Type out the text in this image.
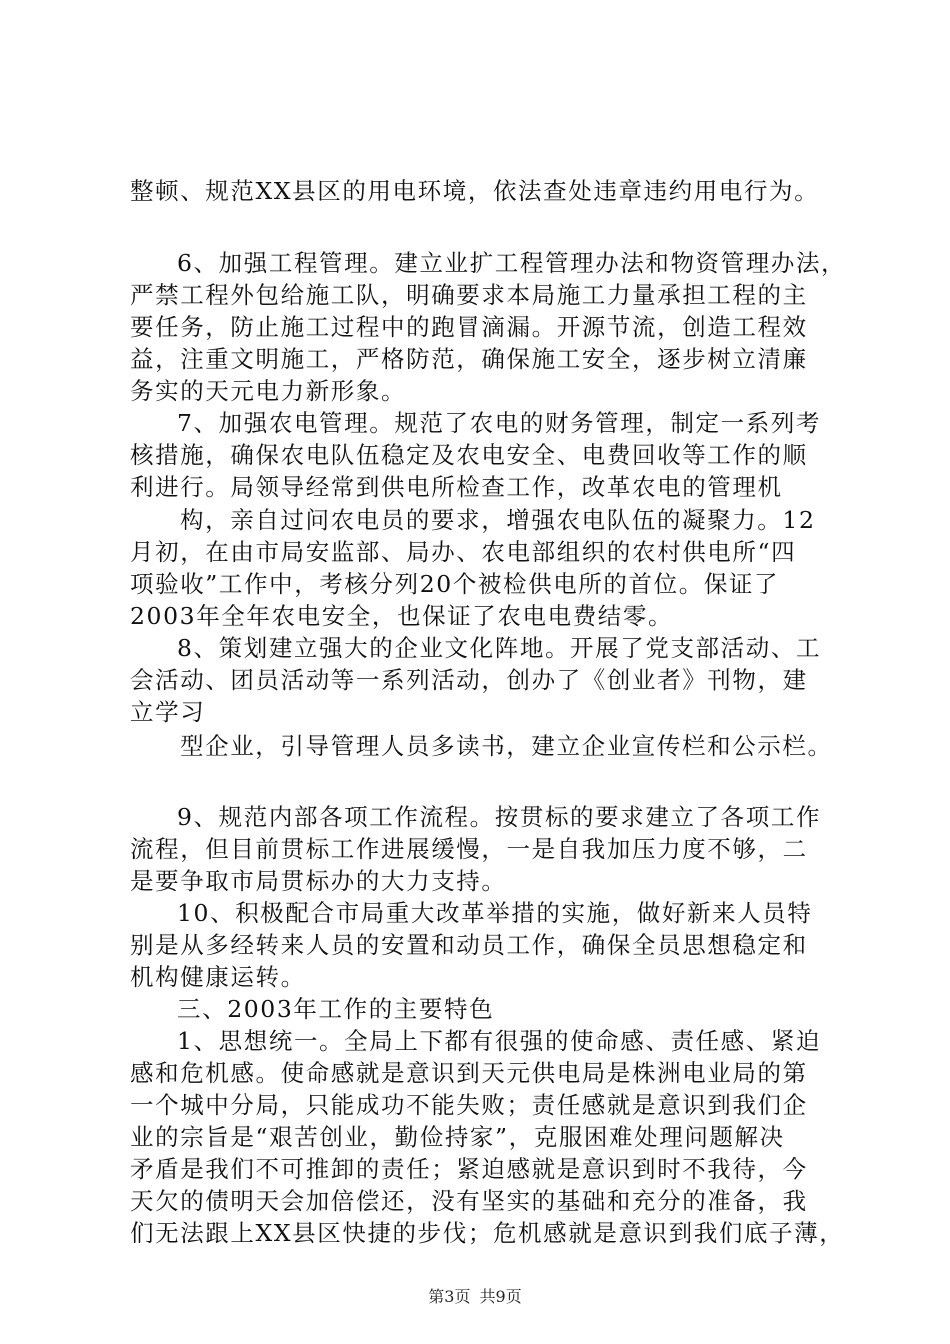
整顿、规范XX县区的用电环境，依法查处违章违约用电行为。
6、加强工程管理。建立业扩工程管理办法和物资管理办法，
严禁工程外包给施工队，明确要求本局施工力量承担工程的主
要任务，防止施工过程中的跑冒滴漏。开源节流，创造工程效
益，注重文明施工，严格防范，确保施工安全，逐步树立清廉
务实的天元电力新形象。
7、加强农电管理。规范了农电的财务管理，制定一系列考
核措施，确保农电队伍稳定及农电安全、电费回收等工作的顺
利进行。局领导经常到供电所检查工作，改革农电的管理机
构，亲自过问农电员的要求，增强农电队伍的凝聚力。12
月初，在由市局安监部、局办、农电部组织的农村供电所“四
项验收”工作中，考核分列20个被检供电所的首位。保证了
2003年全年农电安全，也保证了农电电费结零。
8、策划建立强大的企业文化阵地。开展了党支部活动、工
会活动、团员活动等一系列活动，创办了《创业者》刊物，建
立学习
型企业，引导管理人员多读书，建立企业宣传栏和公示栏。
9、规范内部各项工作流程。按贯标的要求建立了各项工作
流程，但目前贯标工作进展缓慢，一是自我加压力度不够，二
是要争取市局贯标办的大力支持。
10、积极配合市局重大改革举措的实施，做好新来人员特
别是从多经转来人员的安置和动员工作，确保全员思想稳定和
机构健康运转。
三、2003年工作的主要特色
1、思想统一。全局上下都有很强的使命感、责任感、紧迫
感和危机感。使命感就是意识到天元供电局是株洲电业局的第
一个城中分局，只能成功不能失败；责任感就是意识到我们企
业的宗旨是“艰苦创业，勤俭持家”，克服困难处理问题解决
矛盾是我们不可推卸的责任；紧迫感就是意识到时不我待，今
天欠的债明天会加倍偿还，没有坚实的基础和充分的准备，我
们无法跟上XX县区快捷的步伐；危机感就是意识到我们底子薄，
第3页 共9页
